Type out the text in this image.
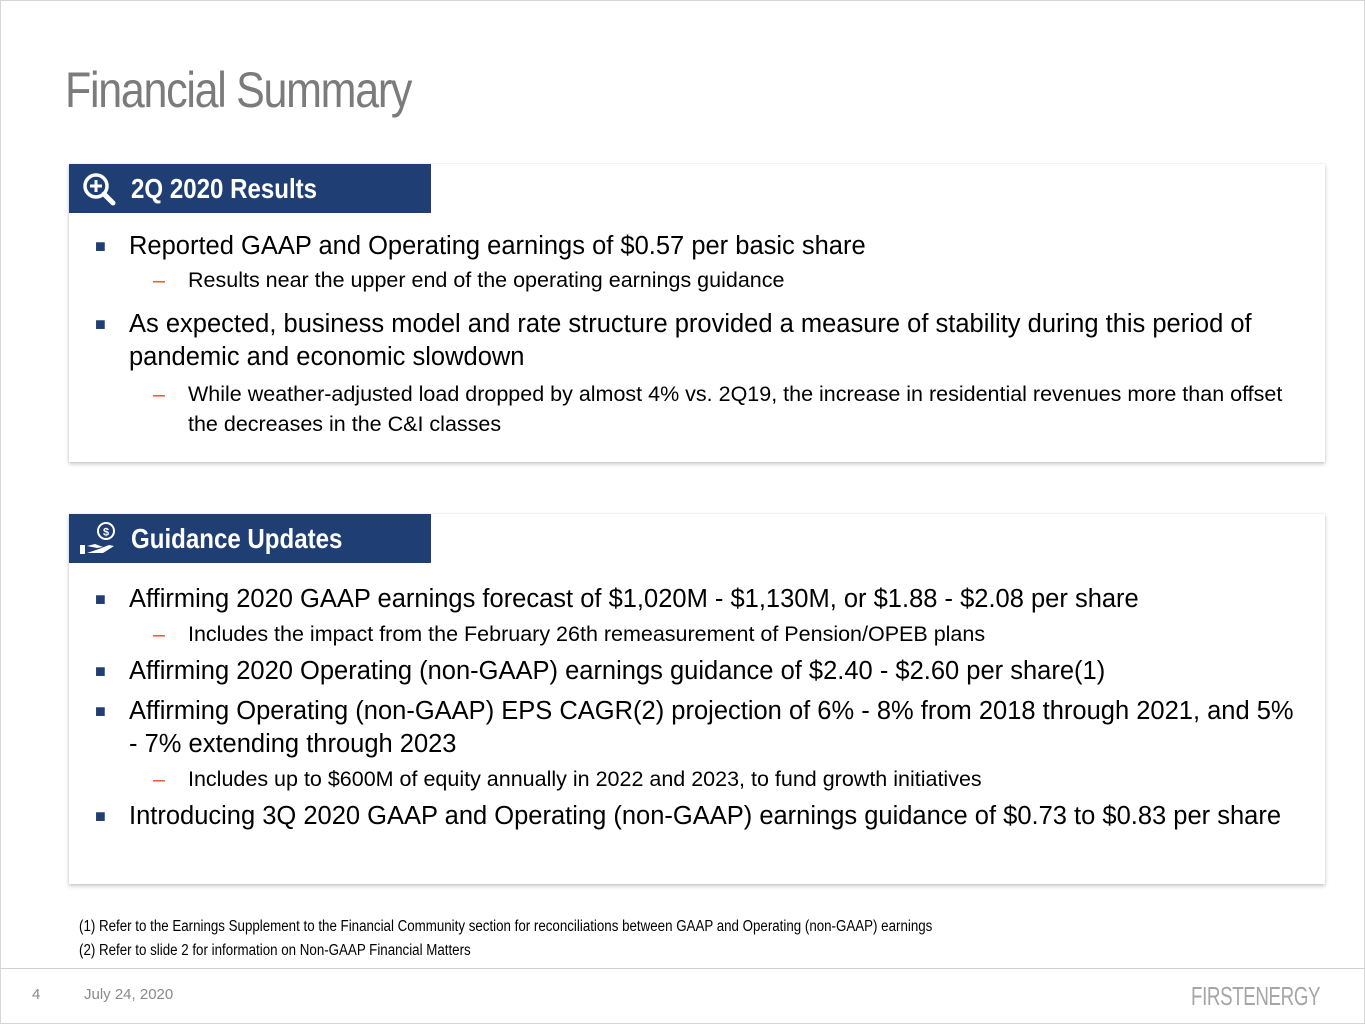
Financial Summary
2Q 2020 Results
■ Reported GAAP and Operating earnings of $0.57 per basic share
– Results near the upper end of the operating earnings guidance
■ As expected, business model and rate structure provided a measure of stability during this period of pandemic and economic slowdown
– While weather-adjusted load dropped by almost 4% vs. 2Q19, the increase in residential revenues more than offset the decreases in the C&I classes
$ Guidance Updates
■ Affirming 2020 GAAP earnings forecast of $1,020M - $1,130M, or $1.88 - $2.08 per share
– Includes the impact from the February 26th remeasurement of Pension/OPEB plans
■ Affirming 2020 Operating (non-GAAP) earnings guidance of $2.40 - $2.60 per share(1)
■ Affirming Operating (non-GAAP) EPS CAGR(2) projection of 6% - 8% from 2018 through 2021, and 5% - 7% extending through 2023
– Includes up to $600M of equity annually in 2022 and 2023, to fund growth initiatives
■ Introducing 3Q 2020 GAAP and Operating (non-GAAP) earnings guidance of $0.73 to $0.83 per share
(1) Refer to the Earnings Supplement to the Financial Community section for reconciliations between GAAP and Operating (non-GAAP) earnings
(2) Refer to slide 2 for information on Non-GAAP Financial Matters
4	July 24, 2020	FIRSTENERGY
